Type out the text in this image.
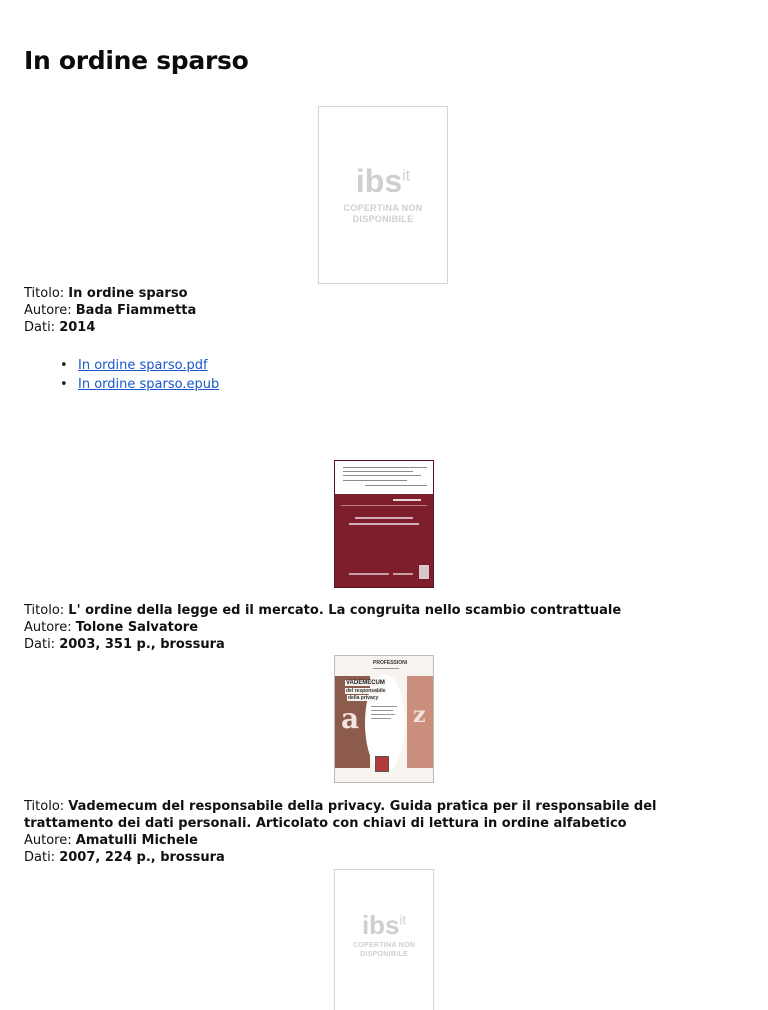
In ordine sparso
ibs$^{it}$
COPERTINA NON
DISPONIBILE
Titolo: In ordine sparso
Autore: Bada Fiammetta
Dati: 2014
• In ordine sparso.pdf
• In ordine sparso.epub
Titolo: L' ordine della legge ed il mercato. La congruita nello scambio contrattuale
Autore: Tolone Salvatore
Dati: 2003, 351 p., brossura
PROFESSIONI
VADEMECUM
del responsabile
della privacy
a z
Titolo: Vademecum del responsabile della privacy. Guida pratica per il responsabile del trattamento dei dati personali. Articolato con chiavi di lettura in ordine alfabetico
Autore: Amatulli Michele
Dati: 2007, 224 p., brossura
ibs$^{it}$
COPERTINA NON
DISPONIBILE
